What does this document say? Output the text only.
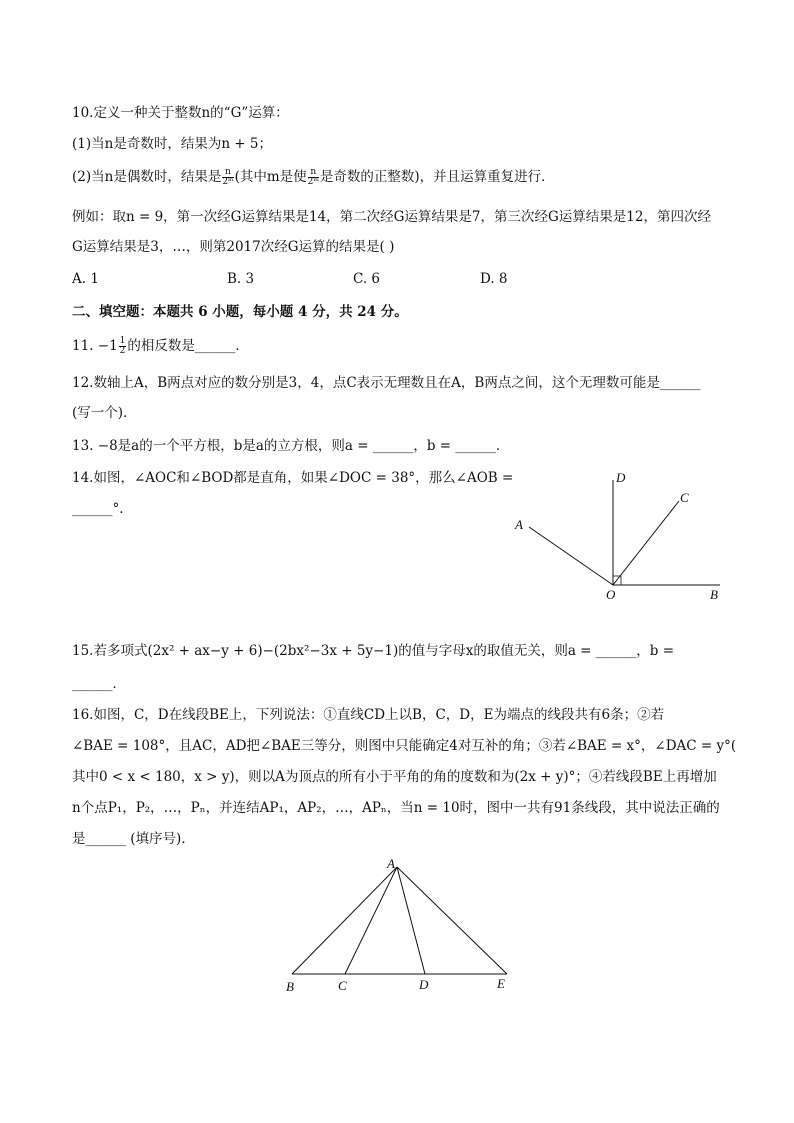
10.定义一种关于整数n的“G”运算：
(1)当n是奇数时，结果为n + 5；
(2)当n是偶数时，结果是 $\frac{n}{\text{2ᵐ}}$ (其中m是使 $\frac{n}{\text{2ᵐ}}$ 是奇数的正整数)，并且运算重复进行．
例如：取n = 9，第一次经G运算结果是14，第二次经G运算结果是7，第三次经G运算结果是12，第四次经
G运算结果是3，…，则第2017次经G运算的结果是( )
A. 1	B. 3	C. 6	D. 8
二、填空题：本题共 6 小题，每小题 4 分，共 24 分。
11. $-1 \frac{1}{2}$ 的相反数是______．
12.数轴上A，B两点对应的数分别是3，4，点C表示无理数且在A，B两点之间，这个无理数可能是______
(写一个)．
13. −8是a的一个平方根，b是a的立方根，则a = ______，b = ______．
14.如图，∠AOC和∠BOD都是直角，如果∠DOC = 38°，那么∠AOB =
______°.
D
C
A
O	B
15.若多项式(2x² + ax−y + 6)−(2bx²−3x + 5y−1)的值与字母x的取值无关，则a = ______，b =
______．
16.如图，C，D在线段BE上，下列说法：①直线CD上以B，C，D，E为端点的线段共有6条；②若
∠BAE = 108°，且AC，AD把∠BAE三等分，则图中只能确定4对互补的角；③若∠BAE = x°，∠DAC = y°(
其中0 < x < 180，x > y)，则以A为顶点的所有小于平角的角的度数和为(2x + y)°；④若线段BE上再增加
n个点P₁，P₂，…，Pₙ，并连结AP₁，AP₂，…，APₙ，当n = 10时，图中一共有91条线段，其中说法正确的
是______ (填序号)．
A
B	C	D	E
